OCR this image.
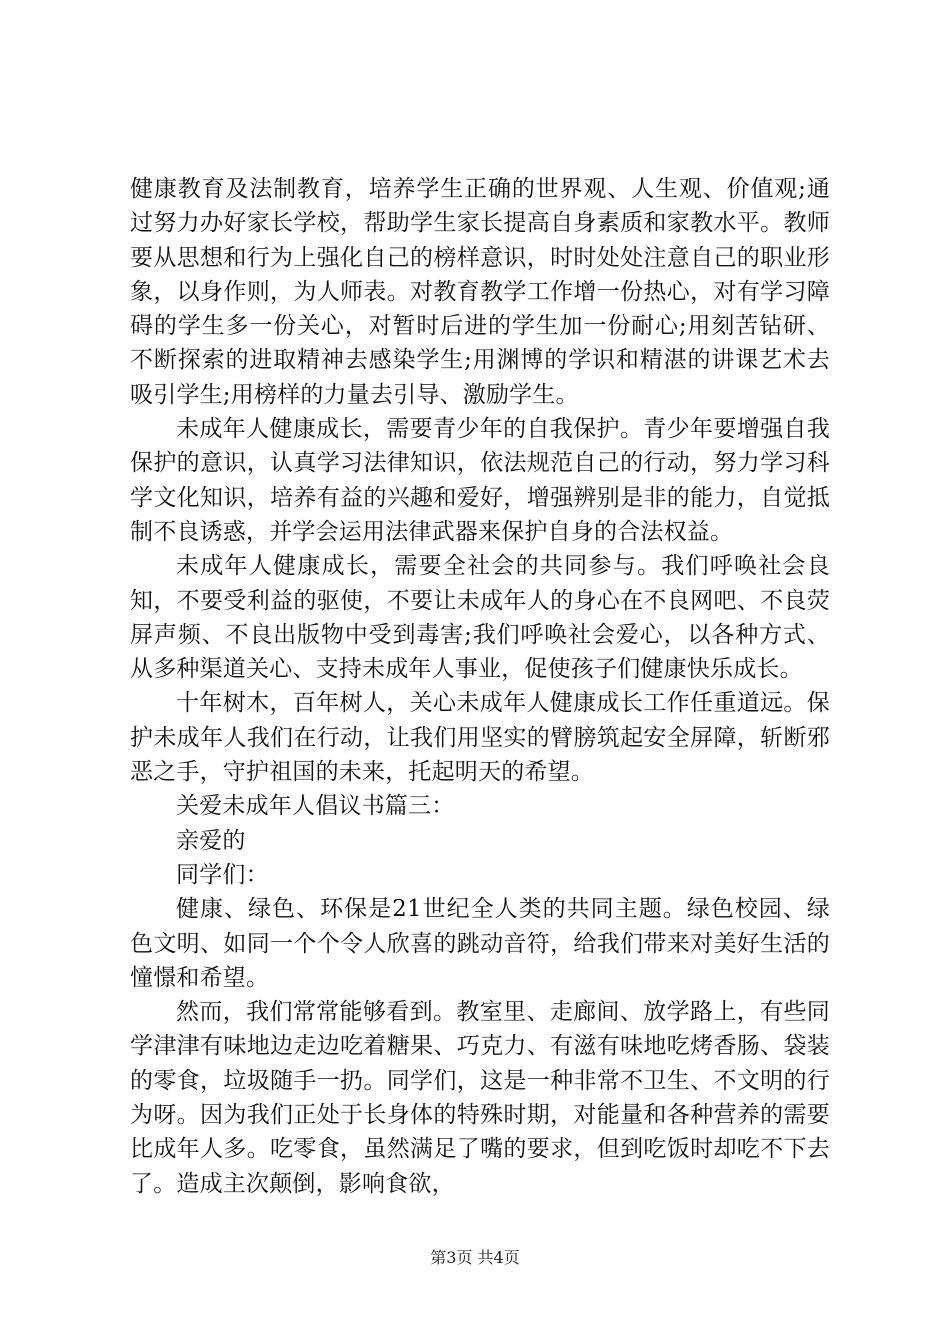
健康教育及法制教育，培养学生正确的世界观、人生观、价值观;通过努力办好家长学校，帮助学生家长提高自身素质和家教水平。教师要从思想和行为上强化自己的榜样意识，时时处处注意自己的职业形象，以身作则，为人师表。对教育教学工作增一份热心，对有学习障碍的学生多一份关心，对暂时后进的学生加一份耐心;用刻苦钻研、不断探索的进取精神去感染学生;用渊博的学识和精湛的讲课艺术去吸引学生;用榜样的力量去引导、激励学生。

未成年人健康成长，需要青少年的自我保护。青少年要增强自我保护的意识，认真学习法律知识，依法规范自己的行动，努力学习科学文化知识，培养有益的兴趣和爱好，增强辨别是非的能力，自觉抵制不良诱惑，并学会运用法律武器来保护自身的合法权益。

未成年人健康成长，需要全社会的共同参与。我们呼唤社会良知，不要受利益的驱使，不要让未成年人的身心在不良网吧、不良荧屏声频、不良出版物中受到毒害;我们呼唤社会爱心，以各种方式、从多种渠道关心、支持未成年人事业，促使孩子们健康快乐成长。

十年树木，百年树人，关心未成年人健康成长工作任重道远。保护未成年人我们在行动，让我们用坚实的臂膀筑起安全屏障，斩断邪恶之手，守护祖国的未来，托起明天的希望。

关爱未成年人倡议书篇三：

亲爱的

同学们：

健康、绿色、环保是21世纪全人类的共同主题。绿色校园、绿色文明、如同一个个令人欣喜的跳动音符，给我们带来对美好生活的憧憬和希望。

然而，我们常常能够看到。教室里、走廊间、放学路上，有些同学津津有味地边走边吃着糖果、巧克力、有滋有味地吃烤香肠、袋装的零食，垃圾随手一扔。同学们，这是一种非常不卫生、不文明的行为呀。因为我们正处于长身体的特殊时期，对能量和各种营养的需要比成年人多。吃零食，虽然满足了嘴的要求，但到吃饭时却吃不下去了。造成主次颠倒，影响食欲，

第3页 共4页
